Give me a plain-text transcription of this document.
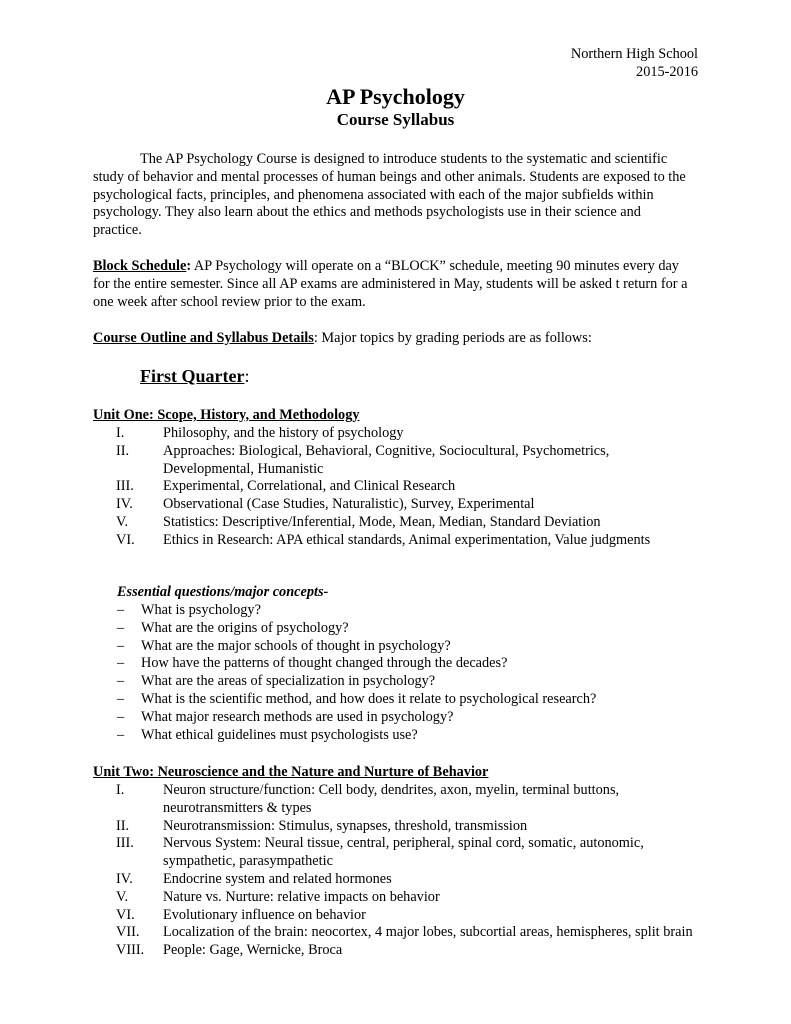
Northern High School
2015-2016
AP Psychology
Course Syllabus

The AP Psychology Course is designed to introduce students to the systematic and scientific study of behavior and mental processes of human beings and other animals. Students are exposed to the psychological facts, principles, and phenomena associated with each of the major subfields within psychology. They also learn about the ethics and methods psychologists use in their science and practice.

Block Schedule: AP Psychology will operate on a “BLOCK” schedule, meeting 90 minutes every day for the entire semester. Since all AP exams are administered in May, students will be asked t return for a one week after school review prior to the exam.
Course Outline and Syllabus Details: Major topics by grading periods are as follows:
First Quarter:
Unit One: Scope, History, and Methodology
I.	Philosophy, and the history of psychology
II. Approaches: Biological, Behavioral, Cognitive, Sociocultural, Psychometrics, Developmental, Humanistic
III. Experimental, Correlational, and Clinical Research
IV. Observational (Case Studies, Naturalistic), Survey, Experimental
V. Statistics: Descriptive/Inferential, Mode, Mean, Median, Standard Deviation
VI. Ethics in Research: APA ethical standards, Animal experimentation, Value judgments
Essential questions/major concepts-
– What is psychology?
– What are the origins of psychology?
– What are the major schools of thought in psychology?
– How have the patterns of thought changed through the decades?
– What are the areas of specialization in psychology?
– What is the scientific method, and how does it relate to psychological research?
– What major research methods are used in psychology?
– What ethical guidelines must psychologists use?
Unit Two: Neuroscience and the Nature and Nurture of Behavior
I.	Neuron structure/function: Cell body, dendrites, axon, myelin, terminal buttons, neurotransmitters & types
II. Neurotransmission: Stimulus, synapses, threshold, transmission
III. Nervous System: Neural tissue, central, peripheral, spinal cord, somatic, autonomic, sympathetic, parasympathetic
IV. Endocrine system and related hormones
V. Nature vs. Nurture: relative impacts on behavior
VI. Evolutionary influence on behavior
VII. Localization of the brain: neocortex, 4 major lobes, subcortial areas, hemispheres, split brain
VIII. People: Gage, Wernicke, Broca
